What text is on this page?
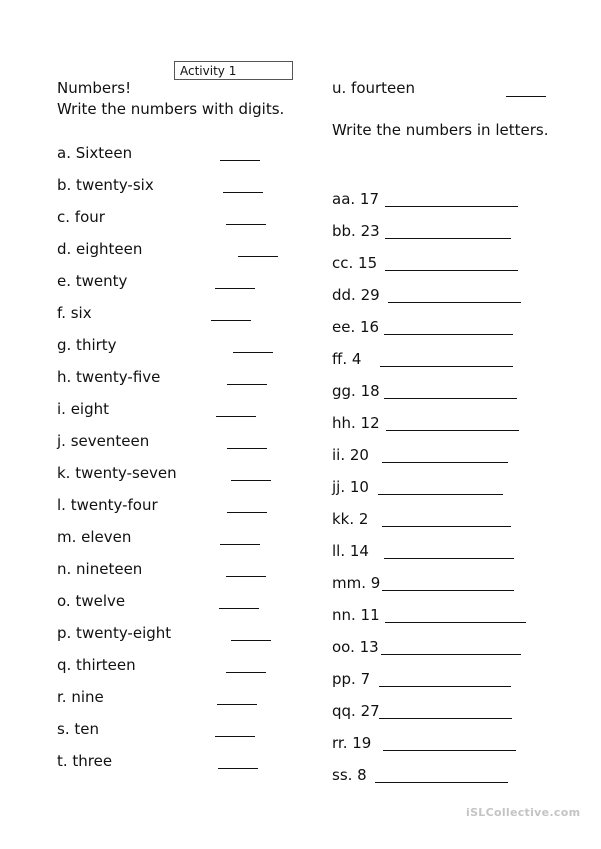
Activity 1
Numbers!
Write the numbers with digits.
a. Sixteen
b. twenty-six
c. four
d. eighteen
e. twenty
f. six
g. thirty
h. twenty-five
i. eight
j. seventeen
k. twenty-seven
l. twenty-four
m. eleven
n. nineteen
o. twelve
p. twenty-eight
q. thirteen
r. nine
s. ten
t. three
u. fourteen
Write the numbers in letters.
aa. 17
bb. 23
cc. 15
dd. 29
ee. 16
ff. 4
gg. 18
hh. 12
ii. 20
jj. 10
kk. 2
ll. 14
mm. 9
nn. 11
oo. 13
pp. 7
qq. 27
rr. 19
ss. 8
iSLCollective.com
